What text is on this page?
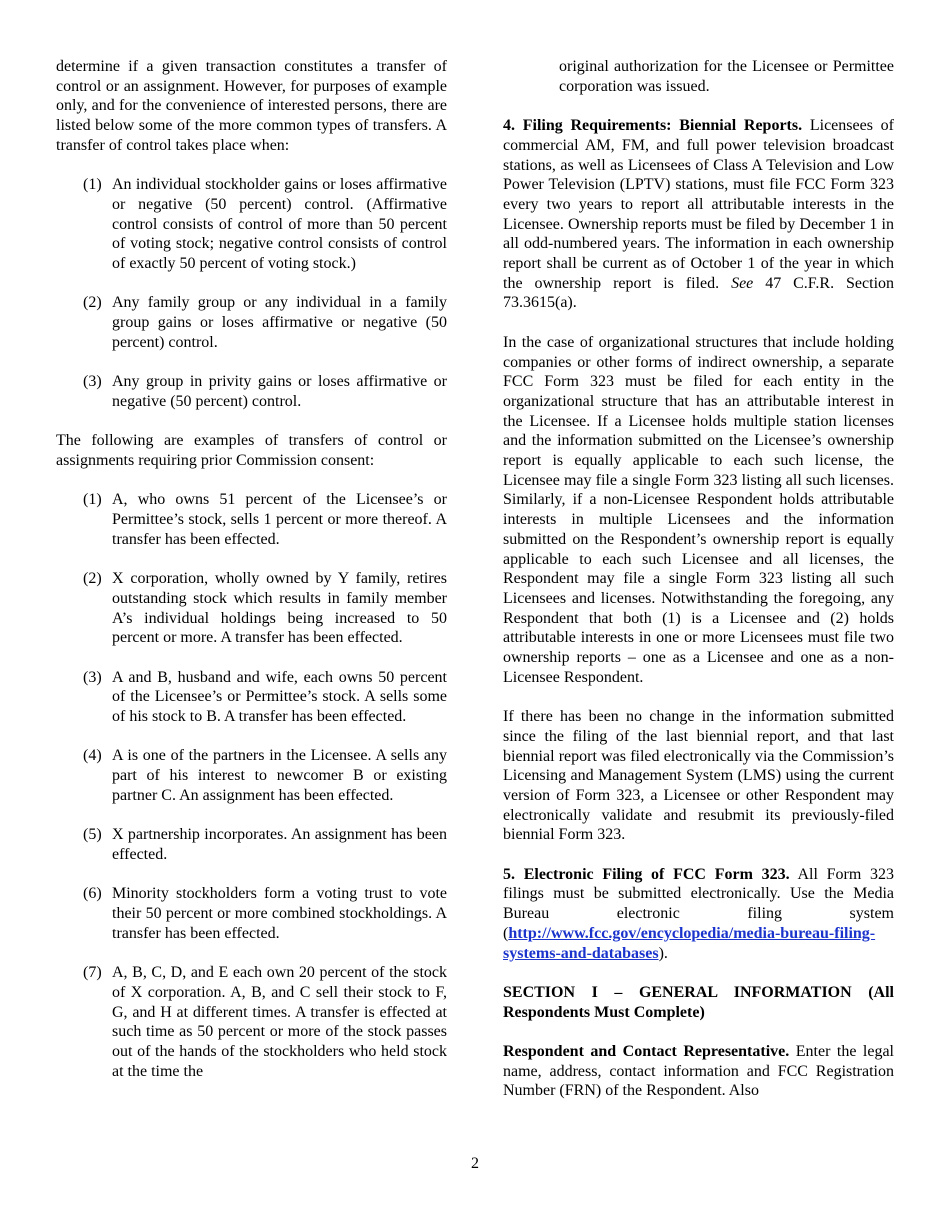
determine if a given transaction constitutes a transfer of control or an assignment. However, for purposes of example only, and for the convenience of interested persons, there are listed below some of the more common types of transfers. A transfer of control takes place when:

(1) An individual stockholder gains or loses affirmative or negative (50 percent) control. (Affirmative control consists of control of more than 50 percent of voting stock; negative control consists of control of exactly 50 percent of voting stock.)
(2) Any family group or any individual in a family group gains or loses affirmative or negative (50 percent) control.
(3) Any group in privity gains or loses affirmative or negative (50 percent) control.

The following are examples of transfers of control or assignments requiring prior Commission consent:

(1) A, who owns 51 percent of the Licensee’s or Permittee’s stock, sells 1 percent or more thereof. A transfer has been effected.
(2) X corporation, wholly owned by Y family, retires outstanding stock which results in family member A’s individual holdings being increased to 50 percent or more. A transfer has been effected.
(3) A and B, husband and wife, each owns 50 percent of the Licensee’s or Permittee’s stock. A sells some of his stock to B. A transfer has been effected.
(4) A is one of the partners in the Licensee. A sells any part of his interest to newcomer B or existing partner C. An assignment has been effected.
(5) X partnership incorporates. An assignment has been effected.
(6) Minority stockholders form a voting trust to vote their 50 percent or more combined stockholdings. A transfer has been effected.
(7) A, B, C, D, and E each own 20 percent of the stock of X corporation. A, B, and C sell their stock to F, G, and H at different times. A transfer is effected at such time as 50 percent or more of the stock passes out of the hands of the stockholders who held stock at the time the
original authorization for the Licensee or Permittee corporation was issued.

4. Filing Requirements: Biennial Reports. Licensees of commercial AM, FM, and full power television broadcast stations, as well as Licensees of Class A Television and Low Power Television (LPTV) stations, must file FCC Form 323 every two years to report all attributable interests in the Licensee. Ownership reports must be filed by December 1 in all odd-numbered years. The information in each ownership report shall be current as of October 1 of the year in which the ownership report is filed. See 47 C.F.R. Section 73.3615(a).

In the case of organizational structures that include holding companies or other forms of indirect ownership, a separate FCC Form 323 must be filed for each entity in the organizational structure that has an attributable interest in the Licensee. If a Licensee holds multiple station licenses and the information submitted on the Licensee’s ownership report is equally applicable to each such license, the Licensee may file a single Form 323 listing all such licenses. Similarly, if a non-Licensee Respondent holds attributable interests in multiple Licensees and the information submitted on the Respondent’s ownership report is equally applicable to each such Licensee and all licenses, the Respondent may file a single Form 323 listing all such Licensees and licenses. Notwithstanding the foregoing, any Respondent that both (1) is a Licensee and (2) holds attributable interests in one or more Licensees must file two ownership reports – one as a Licensee and one as a non-Licensee Respondent.

If there has been no change in the information submitted since the filing of the last biennial report, and that last biennial report was filed electronically via the Commission’s Licensing and Management System (LMS) using the current version of Form 323, a Licensee or other Respondent may electronically validate and resubmit its previously-filed biennial Form 323.

5. Electronic Filing of FCC Form 323. All Form 323 filings must be submitted electronically. Use the Media Bureau electronic filing system (http://www.fcc.gov/encyclopedia/media-bureau-filing-systems-and-databases).

SECTION I – GENERAL INFORMATION (All Respondents Must Complete)

Respondent and Contact Representative. Enter the legal name, address, contact information and FCC Registration Number (FRN) of the Respondent. Also

2
